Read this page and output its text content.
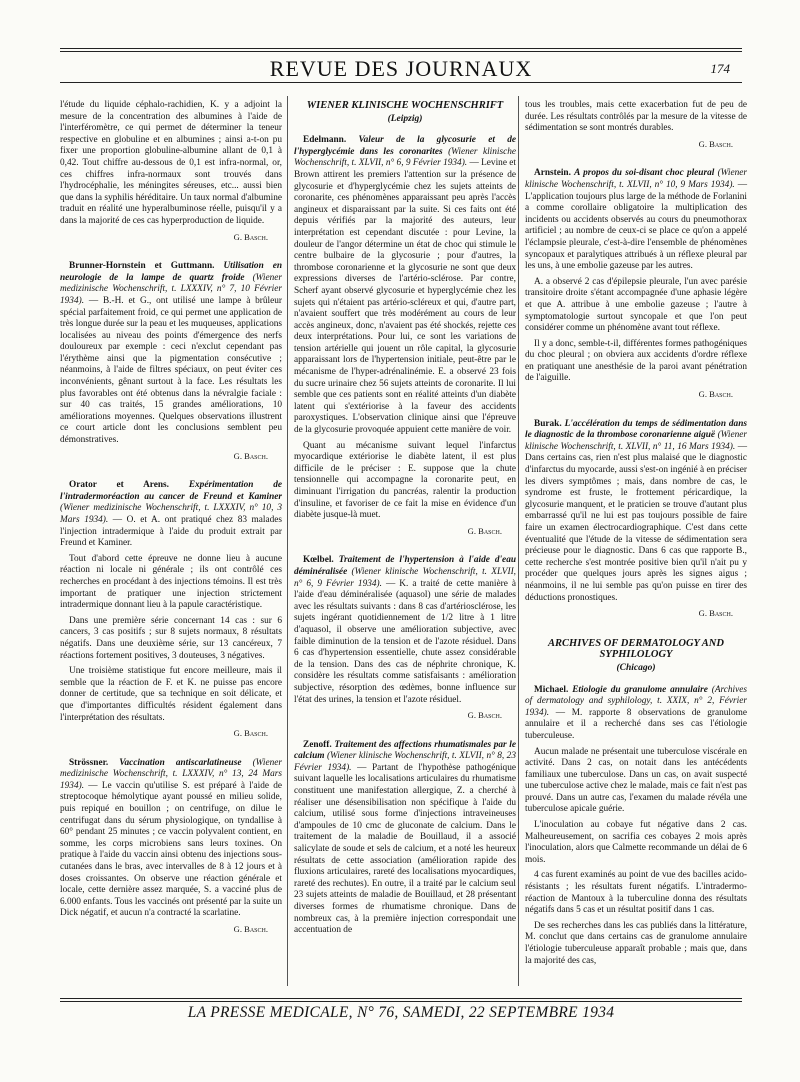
REVUE DES JOURNAUX	174

l'étude du liquide céphalo-rachidien, K. y a adjoint la mesure de la concentration des albumines à l'aide de l'interféromètre, ce qui permet de déterminer la teneur respective en globuline et en albumines ; ainsi a-t-on pu fixer une proportion globuline-albumine allant de 0,1 à 0,42. Tout chiffre au-dessous de 0,1 est infra-normal, or, ces chiffres infra-normaux sont trouvés dans l'hydrocéphalie, les méningites séreuses, etc... aussi bien que dans la syphilis héréditaire. Un taux normal d'albumine traduit en réalité une hyperalbuminose réelle, puisqu'il y a dans la majorité de ces cas hyperproduction de liquide.

G. Basch.

Brunner-Hornstein et Guttmann. Utilisation en neurologie de la lampe de quartz froide (Wiener medizinische Wochenschrift, t. LXXXIV, n° 7, 10 Février 1934). — B.-H. et G., ont utilisé une lampe à brûleur spécial parfaitement froid, ce qui permet une application de très longue durée sur la peau et les muqueuses, applications localisées au niveau des points d'émergence des nerfs douloureux par exemple : ceci n'exclut cependant pas l'érythème ainsi que la pigmentation consécutive ; néanmoins, à l'aide de filtres spéciaux, on peut éviter ces inconvénients, gênant surtout à la face. Les résultats les plus favorables ont été obtenus dans la névralgie faciale : sur 40 cas traités, 15 grandes améliorations, 10 améliorations moyennes. Quelques observations illustrent ce court article dont les conclusions semblent peu démonstratives.

G. Basch.

Orator et Arens. Expérimentation de l'intradermoréaction au cancer de Freund et Kaminer (Wiener medizinische Wochenschrift, t. LXXXIV, n° 10, 3 Mars 1934). — O. et A. ont pratiqué chez 83 malades l'injection intradermique à l'aide du produit extrait par Freund et Kaminer.

Tout d'abord cette épreuve ne donne lieu à aucune réaction ni locale ni générale ; ils ont contrôlé ces recherches en procédant à des injections témoins. Il est très important de pratiquer une injection strictement intradermique donnant lieu à la papule caractéristique.

Dans une première série concernant 14 cas : sur 6 cancers, 3 cas positifs ; sur 8 sujets normaux, 8 résultats négatifs. Dans une deuxième série, sur 13 cancéreux, 7 réactions fortement positives, 3 douteuses, 3 négatives.

Une troisième statistique fut encore meilleure, mais il semble que la réaction de F. et K. ne puisse pas encore donner de certitude, que sa technique en soit délicate, et que d'importantes difficultés résident également dans l'interprétation des résultats.

G. Basch.

Strössner. Vaccination antiscarlatineuse (Wiener medizinische Wochenschrift, t. LXXXIV, n° 13, 24 Mars 1934). — Le vaccin qu'utilise S. est préparé à l'aide de streptocoque hémolytique ayant poussé en milieu solide, puis repiqué en bouillon ; on centrifuge, on dilue le centrifugat dans du sérum physiologique, on tyndallise à 60° pendant 25 minutes ; ce vaccin polyvalent contient, en somme, les corps microbiens sans leurs toxines. On pratique à l'aide du vaccin ainsi obtenu des injections sous-cutanées dans le bras, avec intervalles de 8 à 12 jours et à doses croissantes. On observe une réaction générale et locale, cette dernière assez marquée, S. a vacciné plus de 6.000 enfants. Tous les vaccinés ont présenté par la suite un Dick négatif, et aucun n'a contracté la scarlatine.

G. Basch.
WIENER KLINISCHE WOCHENSCHRIFT
(Leipzig)

Edelmann. Valeur de la glycosurie et de l'hyperglycémie dans les coronarites (Wiener klinische Wochenschrift, t. XLVII, n° 6, 9 Février 1934). — Levine et Brown attirent les premiers l'attention sur la présence de glycosurie et d'hyperglycémie chez les sujets atteints de coronarite, ces phénomènes apparaissant peu après l'accès angineux et disparaissant par la suite. Si ces faits ont été depuis vérifiés par la majorité des auteurs, leur interprétation est cependant discutée : pour Levine, la douleur de l'angor détermine un état de choc qui stimule le centre bulbaire de la glycosurie ; pour d'autres, la thrombose coronarienne et la glycosurie ne sont que deux expressions diverses de l'artério-sclérose. Par contre, Scherf ayant observé glycosurie et hyperglycémie chez les sujets qui n'étaient pas artério-scléreux et qui, d'autre part, n'avaient souffert que très modérément au cours de leur accès angineux, donc, n'avaient pas été shockés, rejette ces deux interprétations. Pour lui, ce sont les variations de tension artérielle qui jouent un rôle capital, la glycosurie apparaissant lors de l'hypertension initiale, peut-être par le mécanisme de l'hyper-adrénalinémie. E. a observé 23 fois du sucre urinaire chez 56 sujets atteints de coronarite. Il lui semble que ces patients sont en réalité atteints d'un diabète latent qui s'extériorise à la faveur des accidents paroxystiques. L'observation clinique ainsi que l'épreuve de la glycosurie provoquée appuient cette manière de voir.

Quant au mécanisme suivant lequel l'infarctus myocardique extériorise le diabète latent, il est plus difficile de le préciser : E. suppose que la chute tensionnelle qui accompagne la coronarite peut, en diminuant l'irrigation du pancréas, ralentir la production d'insuline, et favoriser de ce fait la mise en évidence d'un diabète jusque-là muet.

G. Basch.

Kœlbel. Traitement de l'hypertension à l'aide d'eau déminéralisée (Wiener klinische Wochenschrift, t. XLVII, n° 6, 9 Février 1934). — K. a traité de cette manière à l'aide d'eau déminéralisée (aquasol) une série de malades avec les résultats suivants : dans 8 cas d'artériosclérose, les sujets ingérant quotidiennement de 1/2 litre à 1 litre d'aquasol, il observe une amélioration subjective, avec faible diminution de la tension et de l'azote résiduel. Dans 6 cas d'hypertension essentielle, chute assez considérable de la tension. Dans des cas de néphrite chronique, K. considère les résultats comme satisfaisants : amélioration subjective, résorption des œdèmes, bonne influence sur l'état des urines, la tension et l'azote résiduel.

G. Basch.

Zenoff. Traitement des affections rhumatismales par le calcium (Wiener klinische Wochenschrift, t. XLVII, n° 8, 23 Février 1934). — Partant de l'hypothèse pathogénique suivant laquelle les localisations articulaires du rhumatisme constituent une manifestation allergique, Z. a cherché à réaliser une désensibilisation non spécifique à l'aide du calcium, utilisé sous forme d'injections intraveineuses d'ampoules de 10 cmc de gluconate de calcium. Dans le traitement de la maladie de Bouillaud, il a associé salicylate de soude et sels de calcium, et a noté les heureux résultats de cette association (amélioration rapide des fluxions articulaires, rareté des localisations myocardiques, rareté des rechutes). En outre, il a traité par le calcium seul 23 sujets atteints de maladie de Bouillaud, et 28 présentant diverses formes de rhumatisme chronique. Dans de nombreux cas, à la première injection correspondait une accentuation de

tous les troubles, mais cette exacerbation fut de peu de durée. Les résultats contrôlés par la mesure de la vitesse de sédimentation se sont montrés durables.

G. Basch.

Arnstein. A propos du soi-disant choc pleural (Wiener klinische Wochenschrift, t. XLVII, n° 10, 9 Mars 1934). — L'application toujours plus large de la méthode de Forlanini a comme corollaire obligatoire la multiplication des incidents ou accidents observés au cours du pneumothorax artificiel ; au nombre de ceux-ci se place ce qu'on a appelé l'éclampsie pleurale, c'est-à-dire l'ensemble de phénomènes syncopaux et paralytiques attribués à un réflexe pleural par les uns, à une embolie gazeuse par les autres.

A. a observé 2 cas d'épilepsie pleurale, l'un avec parésie transitoire droite s'étant accompagnée d'une aphasie légère et que A. attribue à une embolie gazeuse ; l'autre à symptomatologie surtout syncopale et que l'on peut considérer comme un phénomène avant tout réflexe.

Il y a donc, semble-t-il, différentes formes pathogéniques du choc pleural ; on obviera aux accidents d'ordre réflexe en pratiquant une anesthésie de la paroi avant pénétration de l'aiguille.

G. Basch.

Burak. L'accélération du temps de sédimentation dans le diagnostic de la thrombose coronarienne aiguë (Wiener klinische Wochenschrift, t. XLVII, n° 11, 16 Mars 1934). — Dans certains cas, rien n'est plus malaisé que le diagnostic d'infarctus du myocarde, aussi s'est-on ingénié à en préciser les divers symptômes ; mais, dans nombre de cas, le syndrome est fruste, le frottement péricardique, la glycosurie manquent, et le praticien se trouve d'autant plus embarrassé qu'il ne lui est pas toujours possible de faire faire un examen électrocardiographique. C'est dans cette éventualité que l'étude de la vitesse de sédimentation sera précieuse pour le diagnostic. Dans 6 cas que rapporte B., cette recherche s'est montrée positive bien qu'il n'ait pu y procéder que quelques jours après les signes aigus ; néanmoins, il ne lui semble pas qu'on puisse en tirer des déductions pronostiques.

G. Basch.
ARCHIVES OF DERMATOLOGY AND SYPHILOLOGY
(Chicago)

Michael. Etiologie du granulome annulaire (Archives of dermatology and syphilology, t. XXIX, n° 2, Février 1934). — M. rapporte 8 observations de granulome annulaire et il a recherché dans ses cas l'étiologie tuberculeuse.

Aucun malade ne présentait une tuberculose viscérale en activité. Dans 2 cas, on notait dans les antécédents familiaux une tuberculose. Dans un cas, on avait suspecté une tuberculose active chez le malade, mais ce fait n'est pas prouvé. Dans un autre cas, l'examen du malade révéla une tuberculose apicale guérie.

L'inoculation au cobaye fut négative dans 2 cas. Malheureusement, on sacrifia ces cobayes 2 mois après l'inoculation, alors que Calmette recommande un délai de 6 mois.

4 cas furent examinés au point de vue des bacilles acido-résistants ; les résultats furent négatifs. L'intradermo-réaction de Mantoux à la tuberculine donna des résultats négatifs dans 5 cas et un résultat positif dans 1 cas.

De ses recherches dans les cas publiés dans la littérature, M. conclut que dans certains cas de granulome annulaire l'étiologie tuberculeuse apparaît probable ; mais que, dans la majorité des cas,

LA PRESSE MEDICALE, N° 76, SAMEDI, 22 SEPTEMBRE 1934
